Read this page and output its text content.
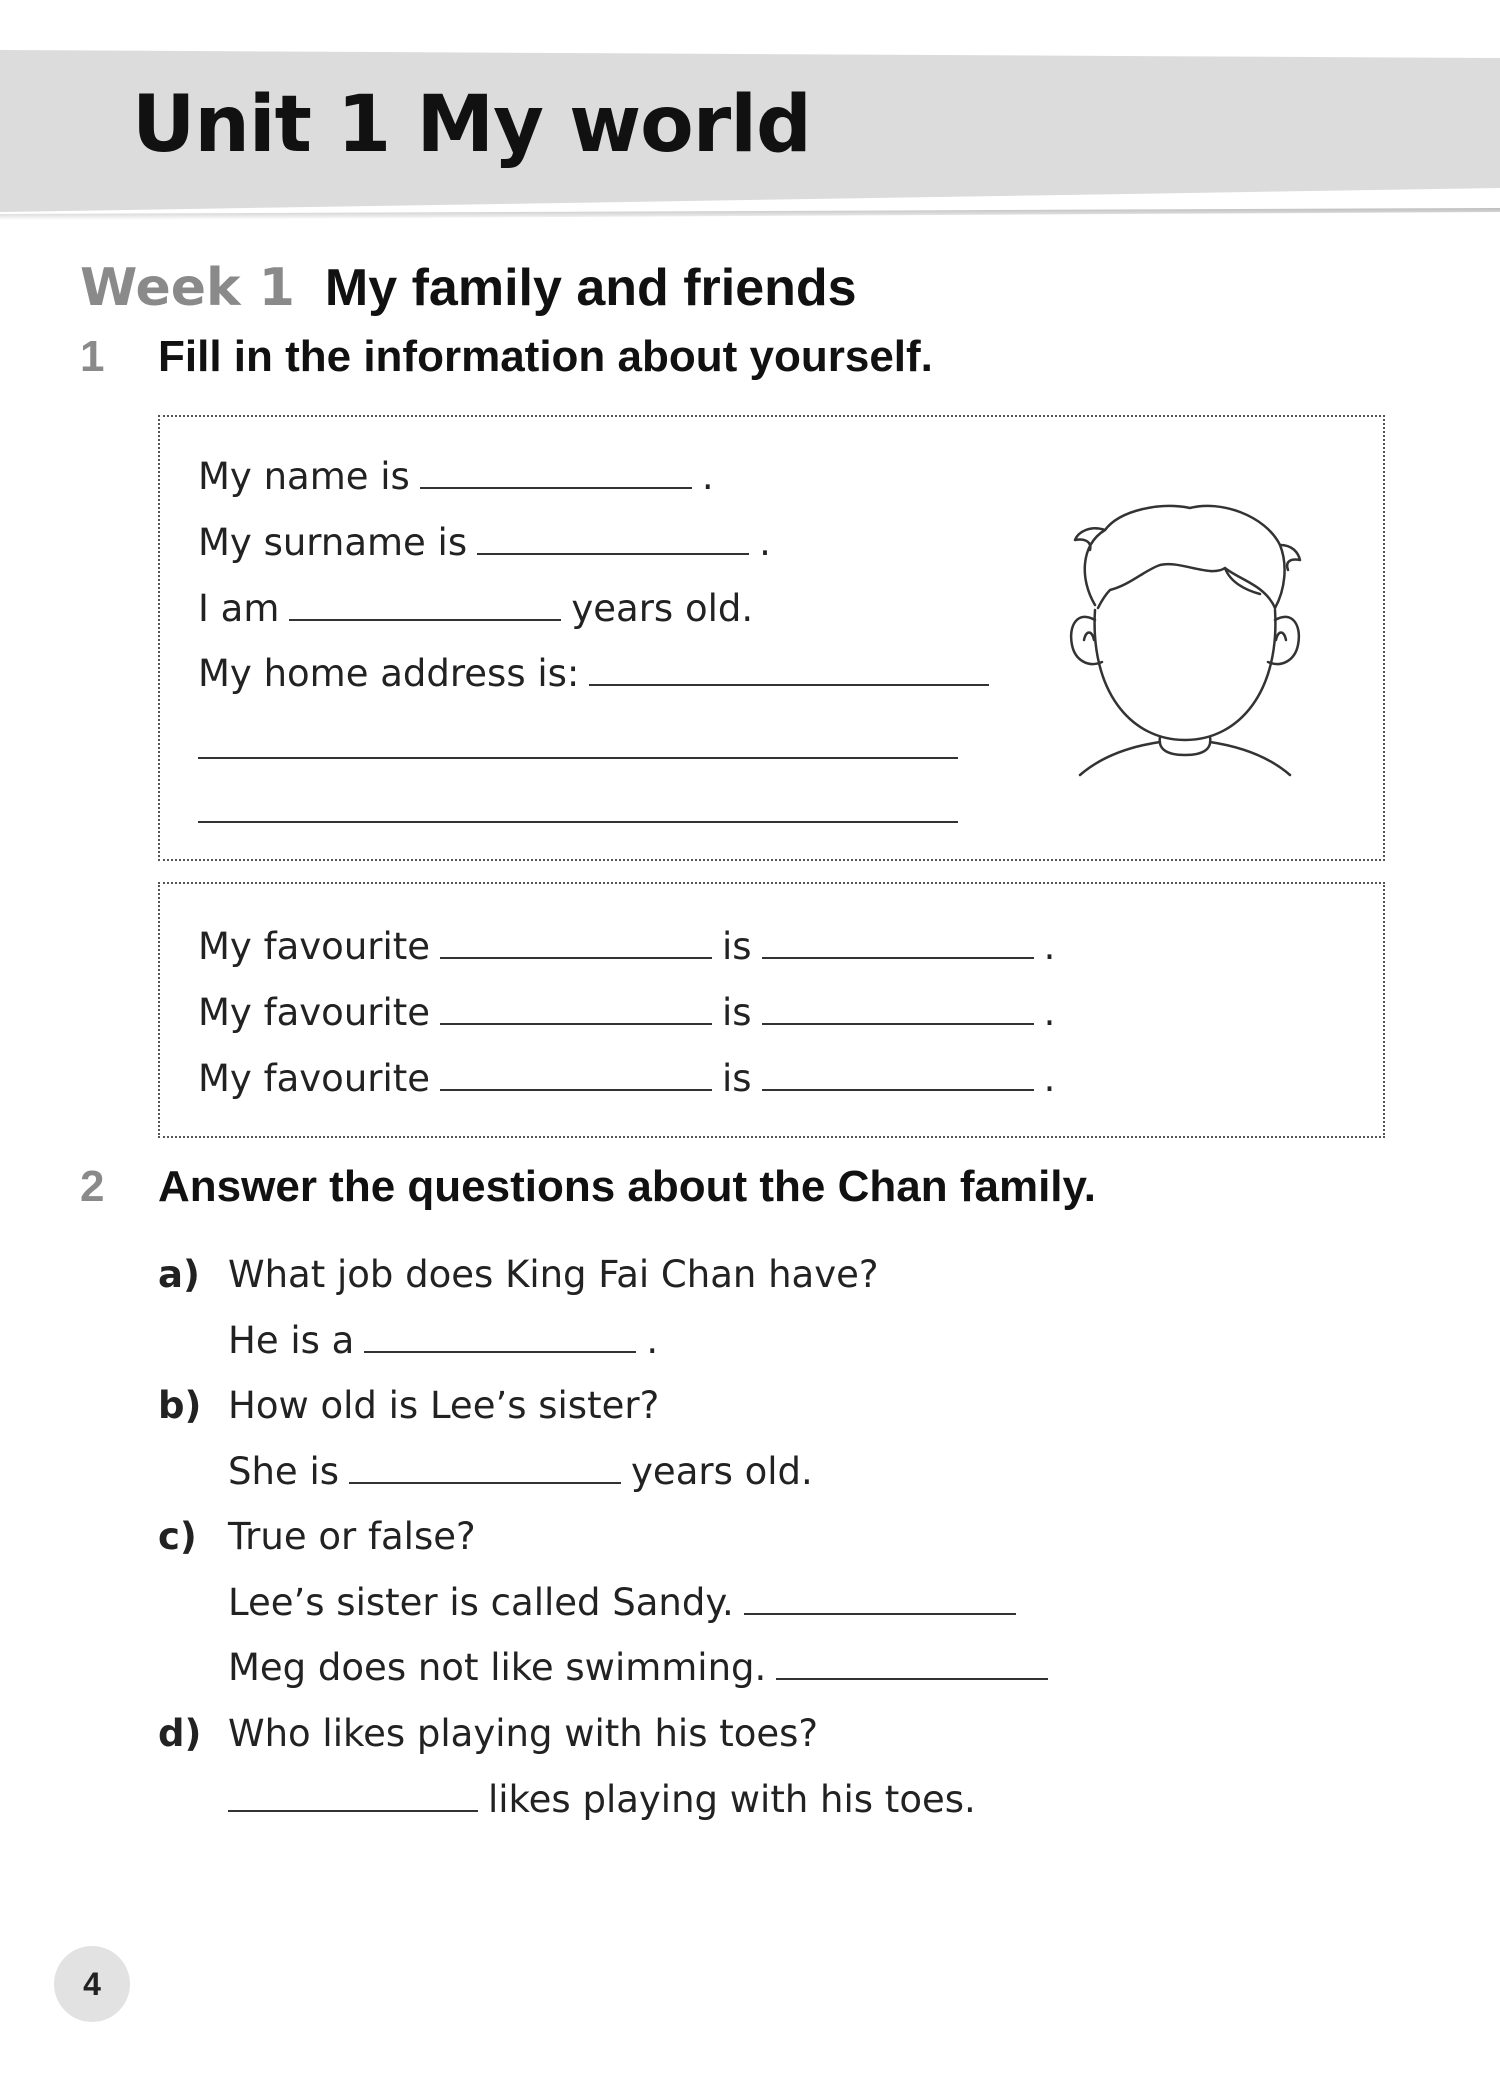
Unit 1 My world
Week 1 My family and friends
1 Fill in the information about yourself.
My name is	.
My surname is	.
I am	years old.
My home address is:
My favourite	is	.
My favourite	is	.
My favourite	is	.
2 Answer the questions about the Chan family.
a) What job does King Fai Chan have?
He is a	.
b) How old is Lee’s sister?
She is	years old.
c) True or false?
Lee’s sister is called Sandy.
Meg does not like swimming.
d) Who likes playing with his toes?
likes playing with his toes.
4
